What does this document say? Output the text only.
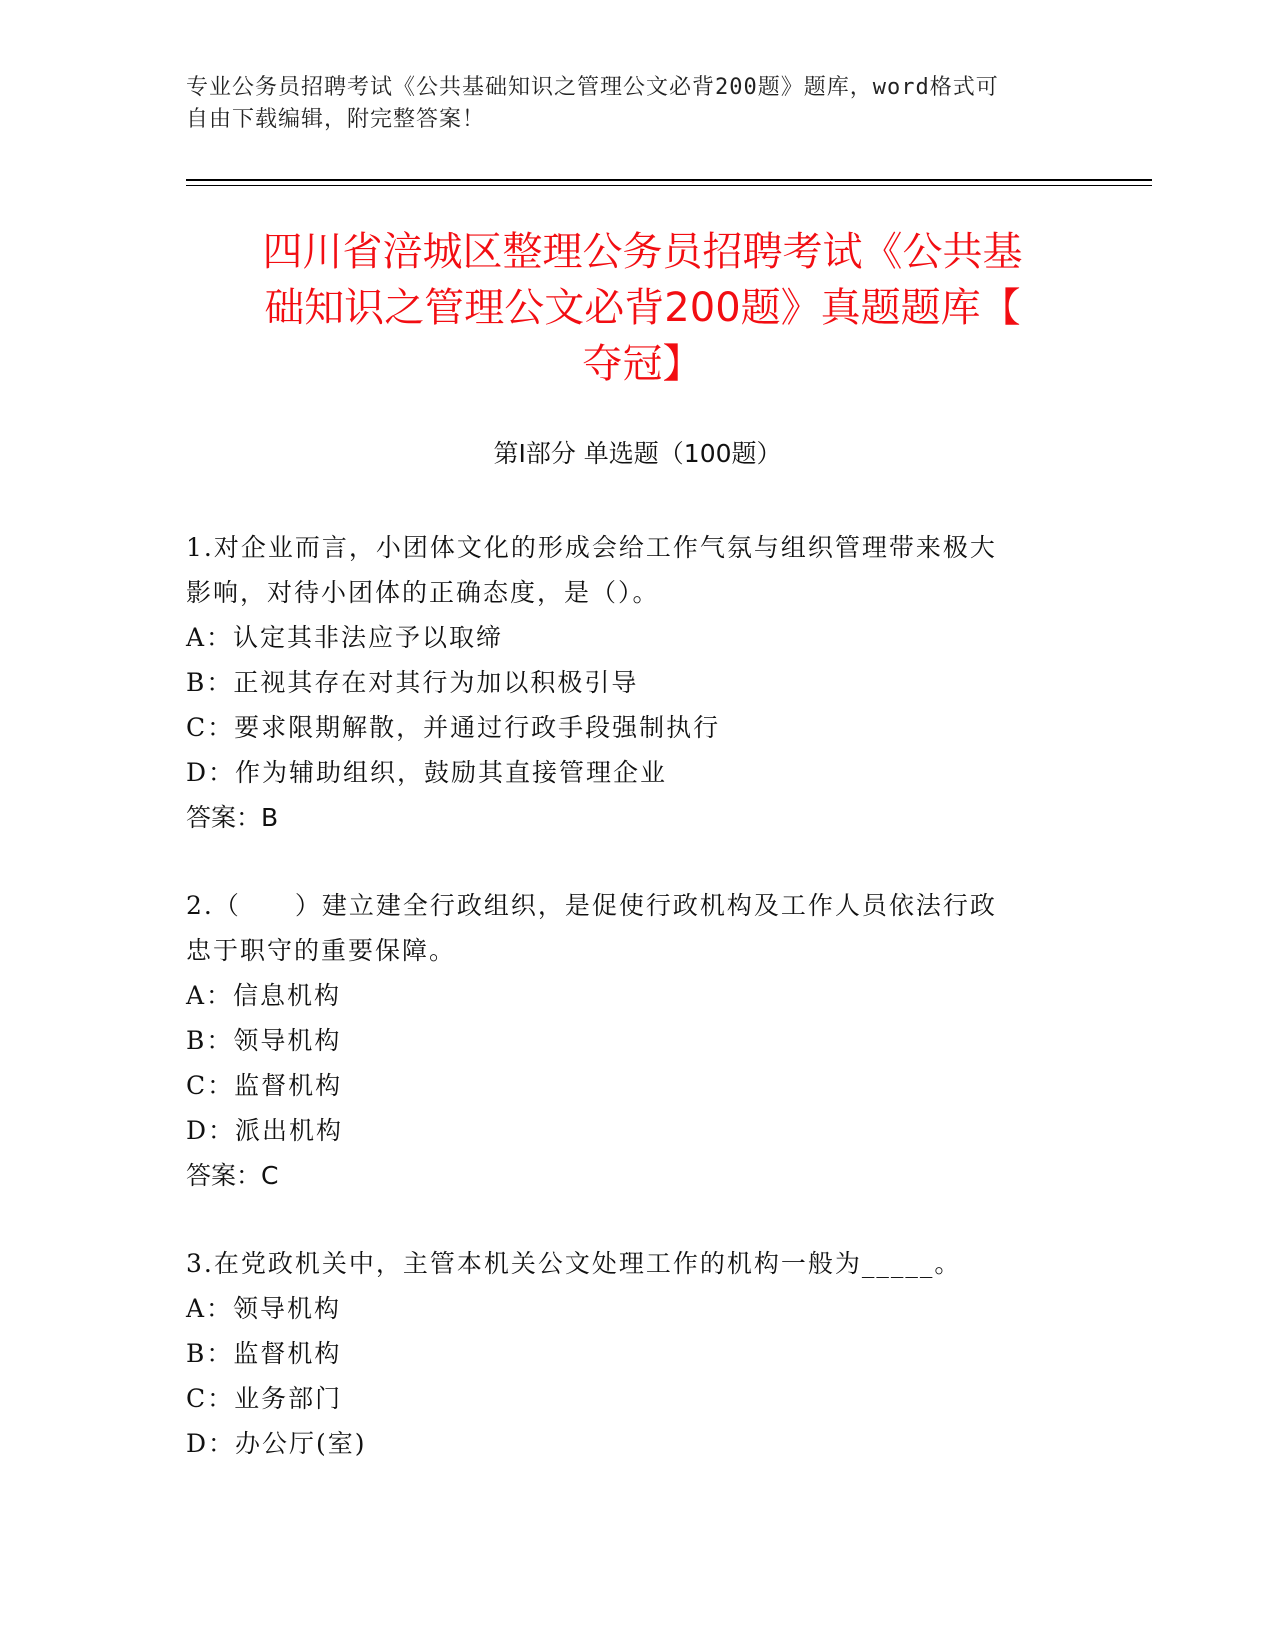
专业公务员招聘考试《公共基础知识之管理公文必背200题》题库，word格式可
自由下载编辑，附完整答案！
四川省涪城区整理公务员招聘考试《公共基
础知识之管理公文必背200题》真题题库【
夺冠】
第I部分 单选题（100题）
1.对企业而言，小团体文化的形成会给工作气氛与组织管理带来极大
影响，对待小团体的正确态度，是（）。
A：认定其非法应予以取缔
B：正视其存在对其行为加以积极引导
C：要求限期解散，并通过行政手段强制执行
D：作为辅助组织，鼓励其直接管理企业
答案：B
2.（　　）建立建全行政组织，是促使行政机构及工作人员依法行政
忠于职守的重要保障。
A：信息机构
B：领导机构
C：监督机构
D：派出机构
答案：C
3.在党政机关中，主管本机关公文处理工作的机构一般为_____。
A：领导机构
B：监督机构
C：业务部门
D：办公厅(室)
